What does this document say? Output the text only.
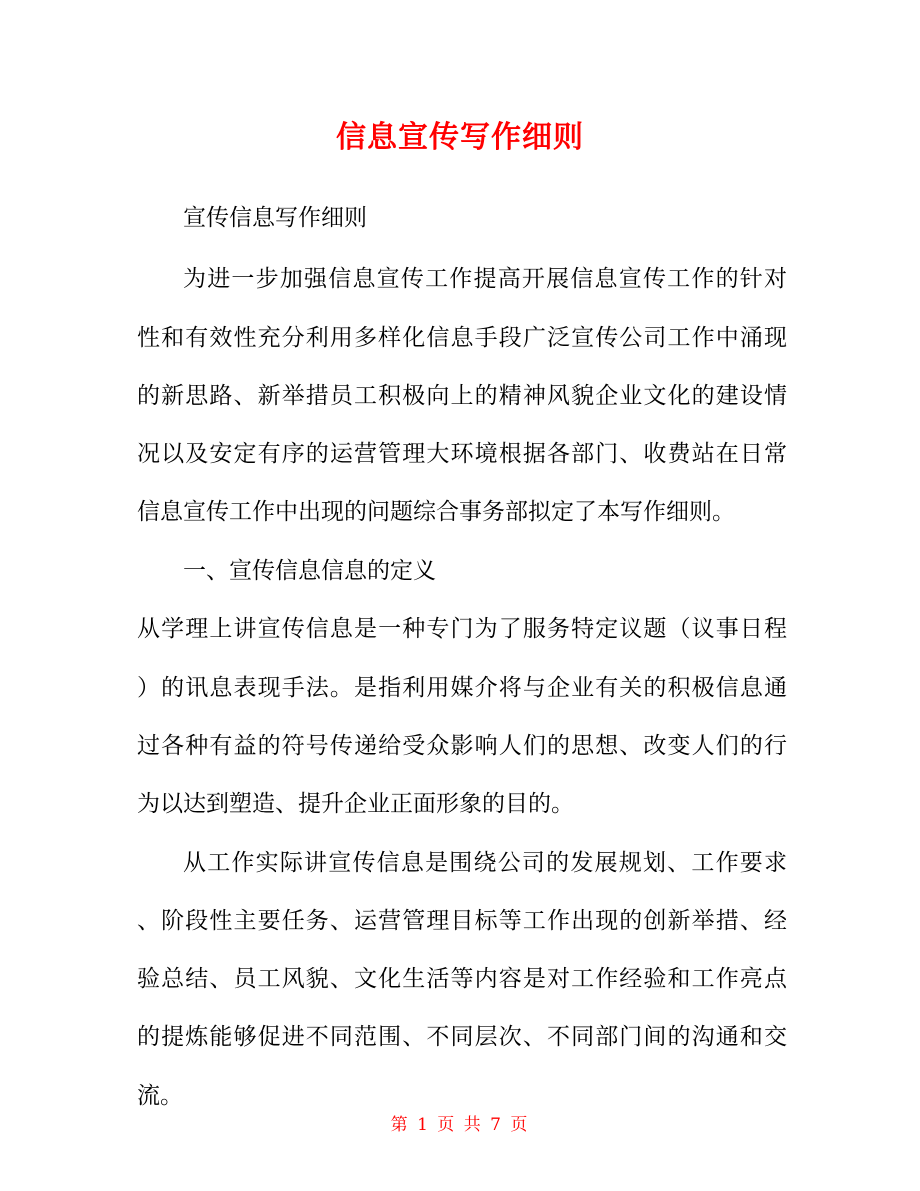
信息宣传写作细则
宣传信息写作细则
为进一步加强信息宣传工作提高开展信息宣传工作的针对
性和有效性充分利用多样化信息手段广泛宣传公司工作中涌现
的新思路、新举措员工积极向上的精神风貌企业文化的建设情
况以及安定有序的运营管理大环境根据各部门、收费站在日常
信息宣传工作中出现的问题综合事务部拟定了本写作细则。
一、宣传信息信息的定义
从学理上讲宣传信息是一种专门为了服务特定议题（议事日程
）的讯息表现手法。是指利用媒介将与企业有关的积极信息通
过各种有益的符号传递给受众影响人们的思想、改变人们的行
为以达到塑造、提升企业正面形象的目的。
从工作实际讲宣传信息是围绕公司的发展规划、工作要求
、阶段性主要任务、运营管理目标等工作出现的创新举措、经
验总结、员工风貌、文化生活等内容是对工作经验和工作亮点
的提炼能够促进不同范围、不同层次、不同部门间的沟通和交
流。
第 1 页 共 7 页
